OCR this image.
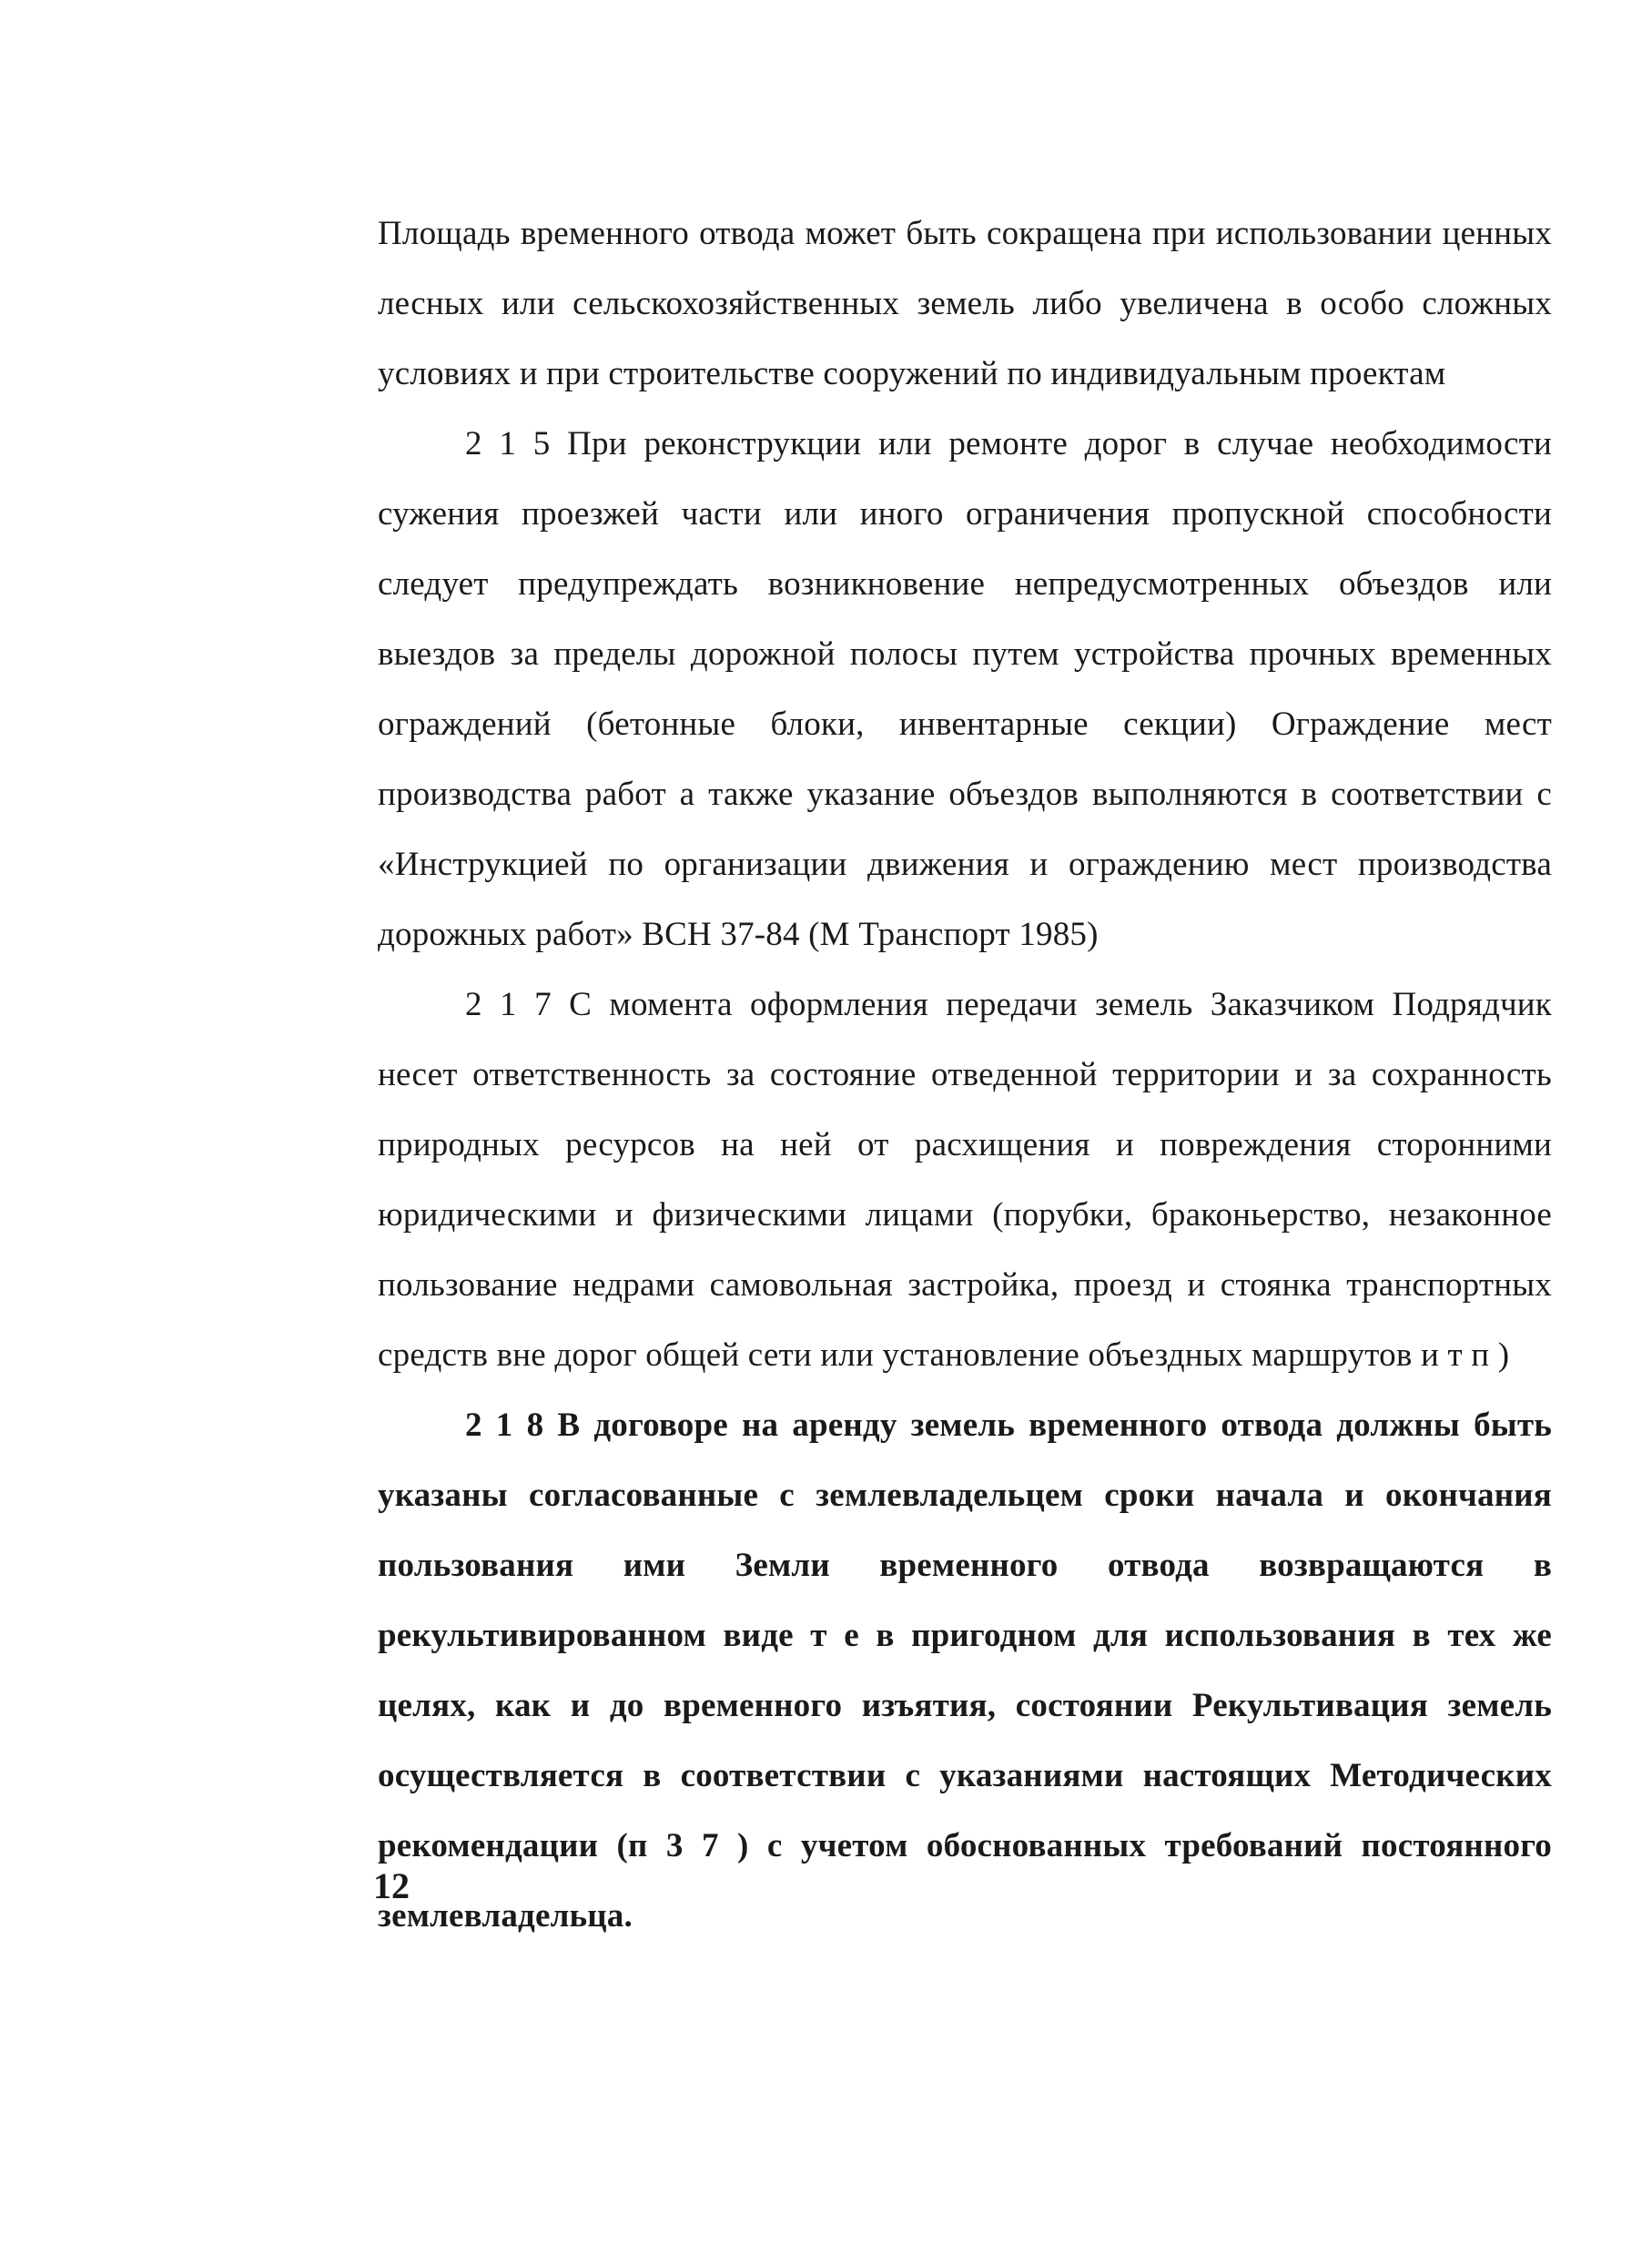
Площадь временного отвода может быть сокращена при использовании ценных лесных или сельскохозяйственных земель либо увеличена в особо сложных условиях и при строительстве сооружений по индивидуальным проектам

2 1 5 При реконструкции или ремонте дорог в случае необходимости сужения проезжей части или иного ограничения пропускной способности следует предупреждать возникновение непредусмотренных объездов или выездов за пределы дорожной полосы путем устройства прочных временных ограждений (бетонные блоки, инвентарные секции) Ограждение мест производства работ а также указание объездов выполняются в соответствии с «Инструкцией по организации движения и ограждению мест производства дорожных работ» ВСН 37-84 (М Транспорт 1985)

2 1 7 С момента оформления передачи земель Заказчиком Подрядчик несет ответственность за состояние отведенной территории и за сохранность природных ресурсов на ней от расхищения и повреждения сторонними юридическими и физическими лицами (порубки, браконьерство, незаконное пользование недрами самовольная застройка, проезд и стоянка транспортных средств вне дорог общей сети или установление объездных маршрутов и т п )

2 1 8 В договоре на аренду земель временного отвода должны быть указаны согласованные с землевладельцем сроки начала и окончания пользования ими Земли временного отвода возвращаются в рекультивированном виде т е в пригодном для использования в тех же целях, как и до временного изъятия, состоянии Рекультивация земель осуществляется в соответствии с указаниями настоящих Методических рекомендации (п 3 7 ) с учетом обоснованных требований постоянного землевладельца.

12
